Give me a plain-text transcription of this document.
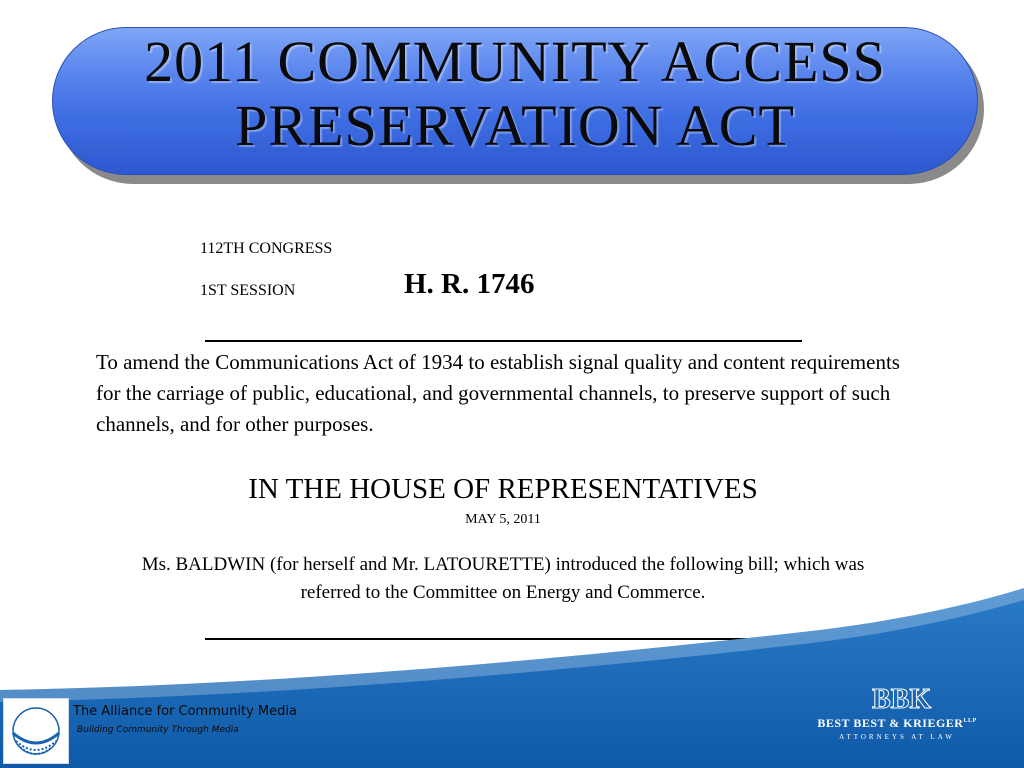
2011 COMMUNITY ACCESS
PRESERVATION ACT
112TH CONGRESS
1ST SESSION	H. R. 1746
To amend the Communications Act of 1934 to establish signal quality and content requirements for the carriage of public, educational, and governmental channels, to preserve support of such channels, and for other purposes.
IN THE HOUSE OF REPRESENTATIVES
MAY 5, 2011
Ms. BALDWIN (for herself and Mr. LATOURETTE) introduced the following bill; which was referred to the Committee on Energy and Commerce.
The Alliance for Community Media
Building Community Through Media
BBK
BEST BEST & $KRIEGER^{LLP}$
ATTORNEYS AT LAW
